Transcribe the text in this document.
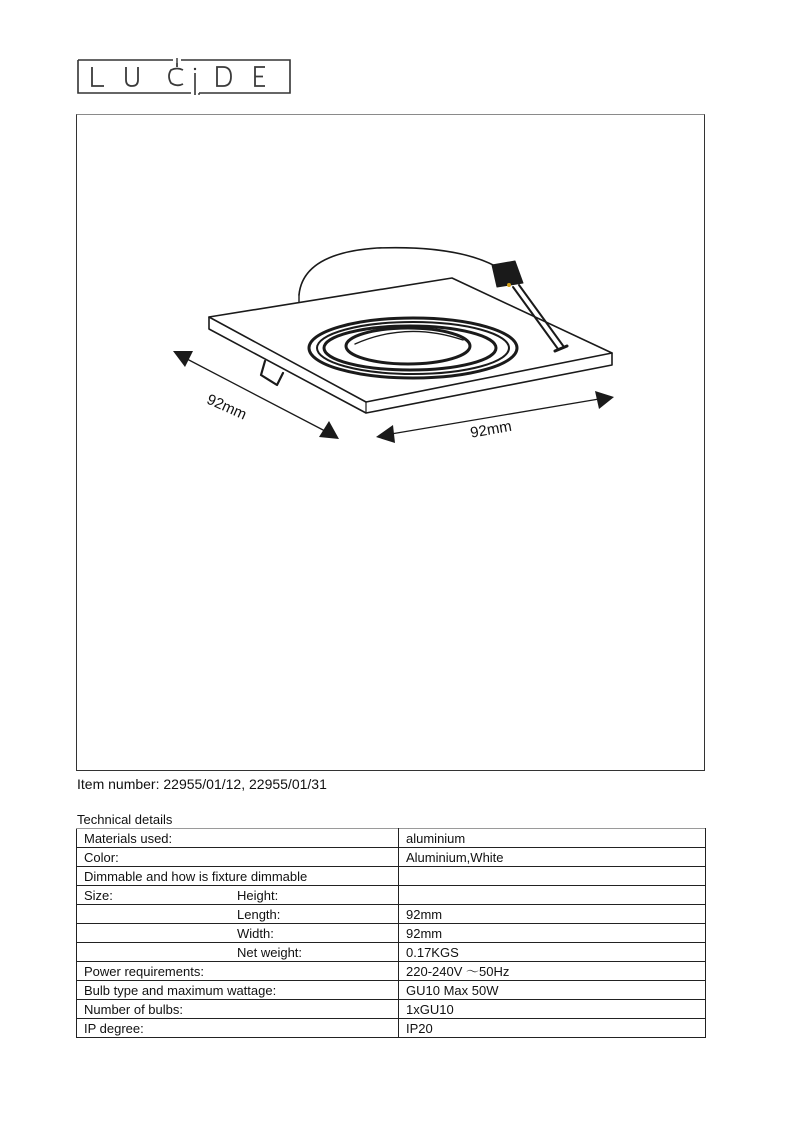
92mm
92mm
Item number: 22955/01/12, 22955/01/31
Technical details
Materials used:	aluminium
Color:	Aluminium,White
Dimmable and how is fixture dimmable	
Size: Height:	
Length:	92mm
Width:	92mm
Net weight:	0.17KGS
Power requirements:	220-240V ～50Hz
Bulb type and maximum wattage:	GU10 Max 50W
Number of bulbs:	1xGU10
IP degree:	IP20
